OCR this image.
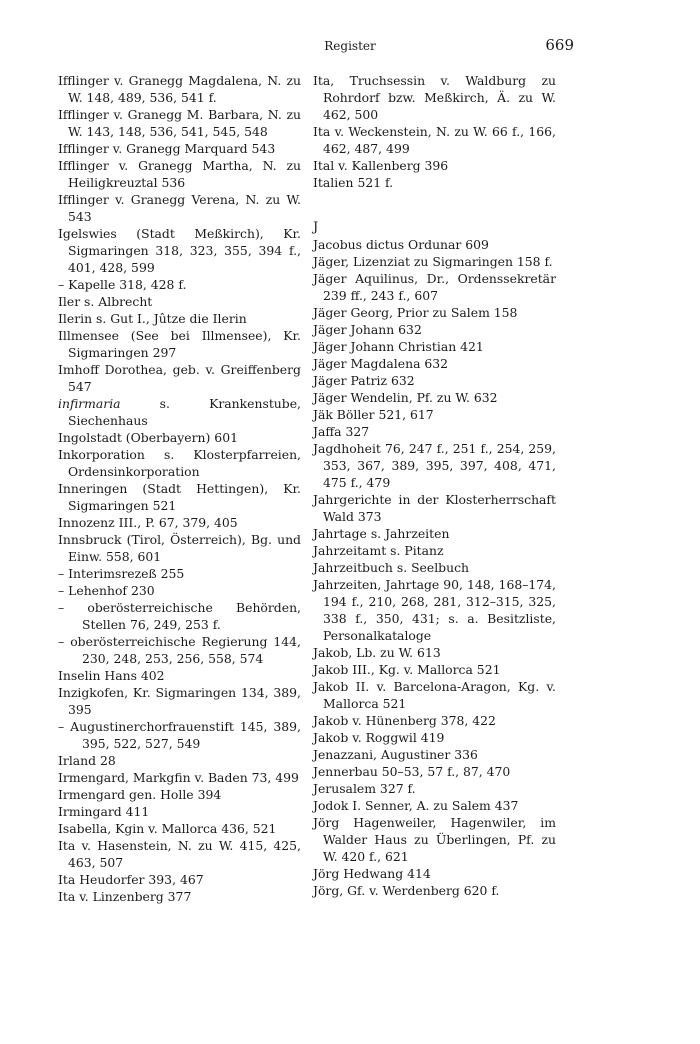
Register	669
Ifflinger v. Granegg Magdalena, N. zu W. 148, 489, 536, 541 f.
Ifflinger v. Granegg M. Barbara, N. zu W. 143, 148, 536, 541, 545, 548
Ifflinger v. Granegg Marquard 543
Ifflinger v. Granegg Martha, N. zu Heiligkreuztal 536
Ifflinger v. Granegg Verena, N. zu W. 543
Igelswies (Stadt Meßkirch), Kr. Sigmaringen 318, 323, 355, 394 f., 401, 428, 599
– Kapelle 318, 428 f.
Iler s. Albrecht
Ilerin s. Gut I., Jûtze die Ilerin
Illmensee (See bei Illmensee), Kr. Sigmaringen 297
Imhoff Dorothea, geb. v. Greiffenberg 547
infirmaria s. Krankenstube, Siechenhaus
Ingolstadt (Oberbayern) 601
Inkorporation s. Klosterpfarreien, Ordensinkorporation
Inneringen (Stadt Hettingen), Kr. Sigmaringen 521
Innozenz III., P. 67, 379, 405
Innsbruck (Tirol, Österreich), Bg. und Einw. 558, 601
– Interimsrezeß 255
– Lehenhof 230
– oberösterreichische Behörden, Stellen 76, 249, 253 f.
– oberösterreichische Regierung 144, 230, 248, 253, 256, 558, 574
Inselin Hans 402
Inzigkofen, Kr. Sigmaringen 134, 389, 395
– Augustinerchorfrauenstift 145, 389, 395, 522, 527, 549
Irland 28
Irmengard, Markgfin v. Baden 73, 499
Irmengard gen. Holle 394
Irmingard 411
Isabella, Kgin v. Mallorca 436, 521
Ita v. Hasenstein, N. zu W. 415, 425, 463, 507
Ita Heudorfer 393, 467
Ita v. Linzenberg 377
Ita, Truchsessin v. Waldburg zu Rohrdorf bzw. Meßkirch, Ä. zu W. 462, 500
Ita v. Weckenstein, N. zu W. 66 f., 166, 462, 487, 499
Ital v. Kallenberg 396
Italien 521 f.
J
Jacobus dictus Ordunar 609
Jäger, Lizenziat zu Sigmaringen 158 f.
Jäger Aquilinus, Dr., Ordenssekretär 239 ff., 243 f., 607
Jäger Georg, Prior zu Salem 158
Jäger Johann 632
Jäger Johann Christian 421
Jäger Magdalena 632
Jäger Patriz 632
Jäger Wendelin, Pf. zu W. 632
Jäk Böller 521, 617
Jaffa 327
Jagdhoheit 76, 247 f., 251 f., 254, 259, 353, 367, 389, 395, 397, 408, 471, 475 f., 479
Jahrgerichte in der Klosterherrschaft Wald 373
Jahrtage s. Jahrzeiten
Jahrzeitamt s. Pitanz
Jahrzeitbuch s. Seelbuch
Jahrzeiten, Jahrtage 90, 148, 168–174, 194 f., 210, 268, 281, 312–315, 325, 338 f., 350, 431; s. a. Besitzliste, Personalkataloge
Jakob, Lb. zu W. 613
Jakob III., Kg. v. Mallorca 521
Jakob II. v. Barcelona-Aragon, Kg. v. Mallorca 521
Jakob v. Hünenberg 378, 422
Jakob v. Roggwil 419
Jenazzani, Augustiner 336
Jennerbau 50–53, 57 f., 87, 470
Jerusalem 327 f.
Jodok I. Senner, A. zu Salem 437
Jörg Hagenweiler, Hagenwiler, im Walder Haus zu Überlingen, Pf. zu W. 420 f., 621
Jörg Hedwang 414
Jörg, Gf. v. Werdenberg 620 f.
